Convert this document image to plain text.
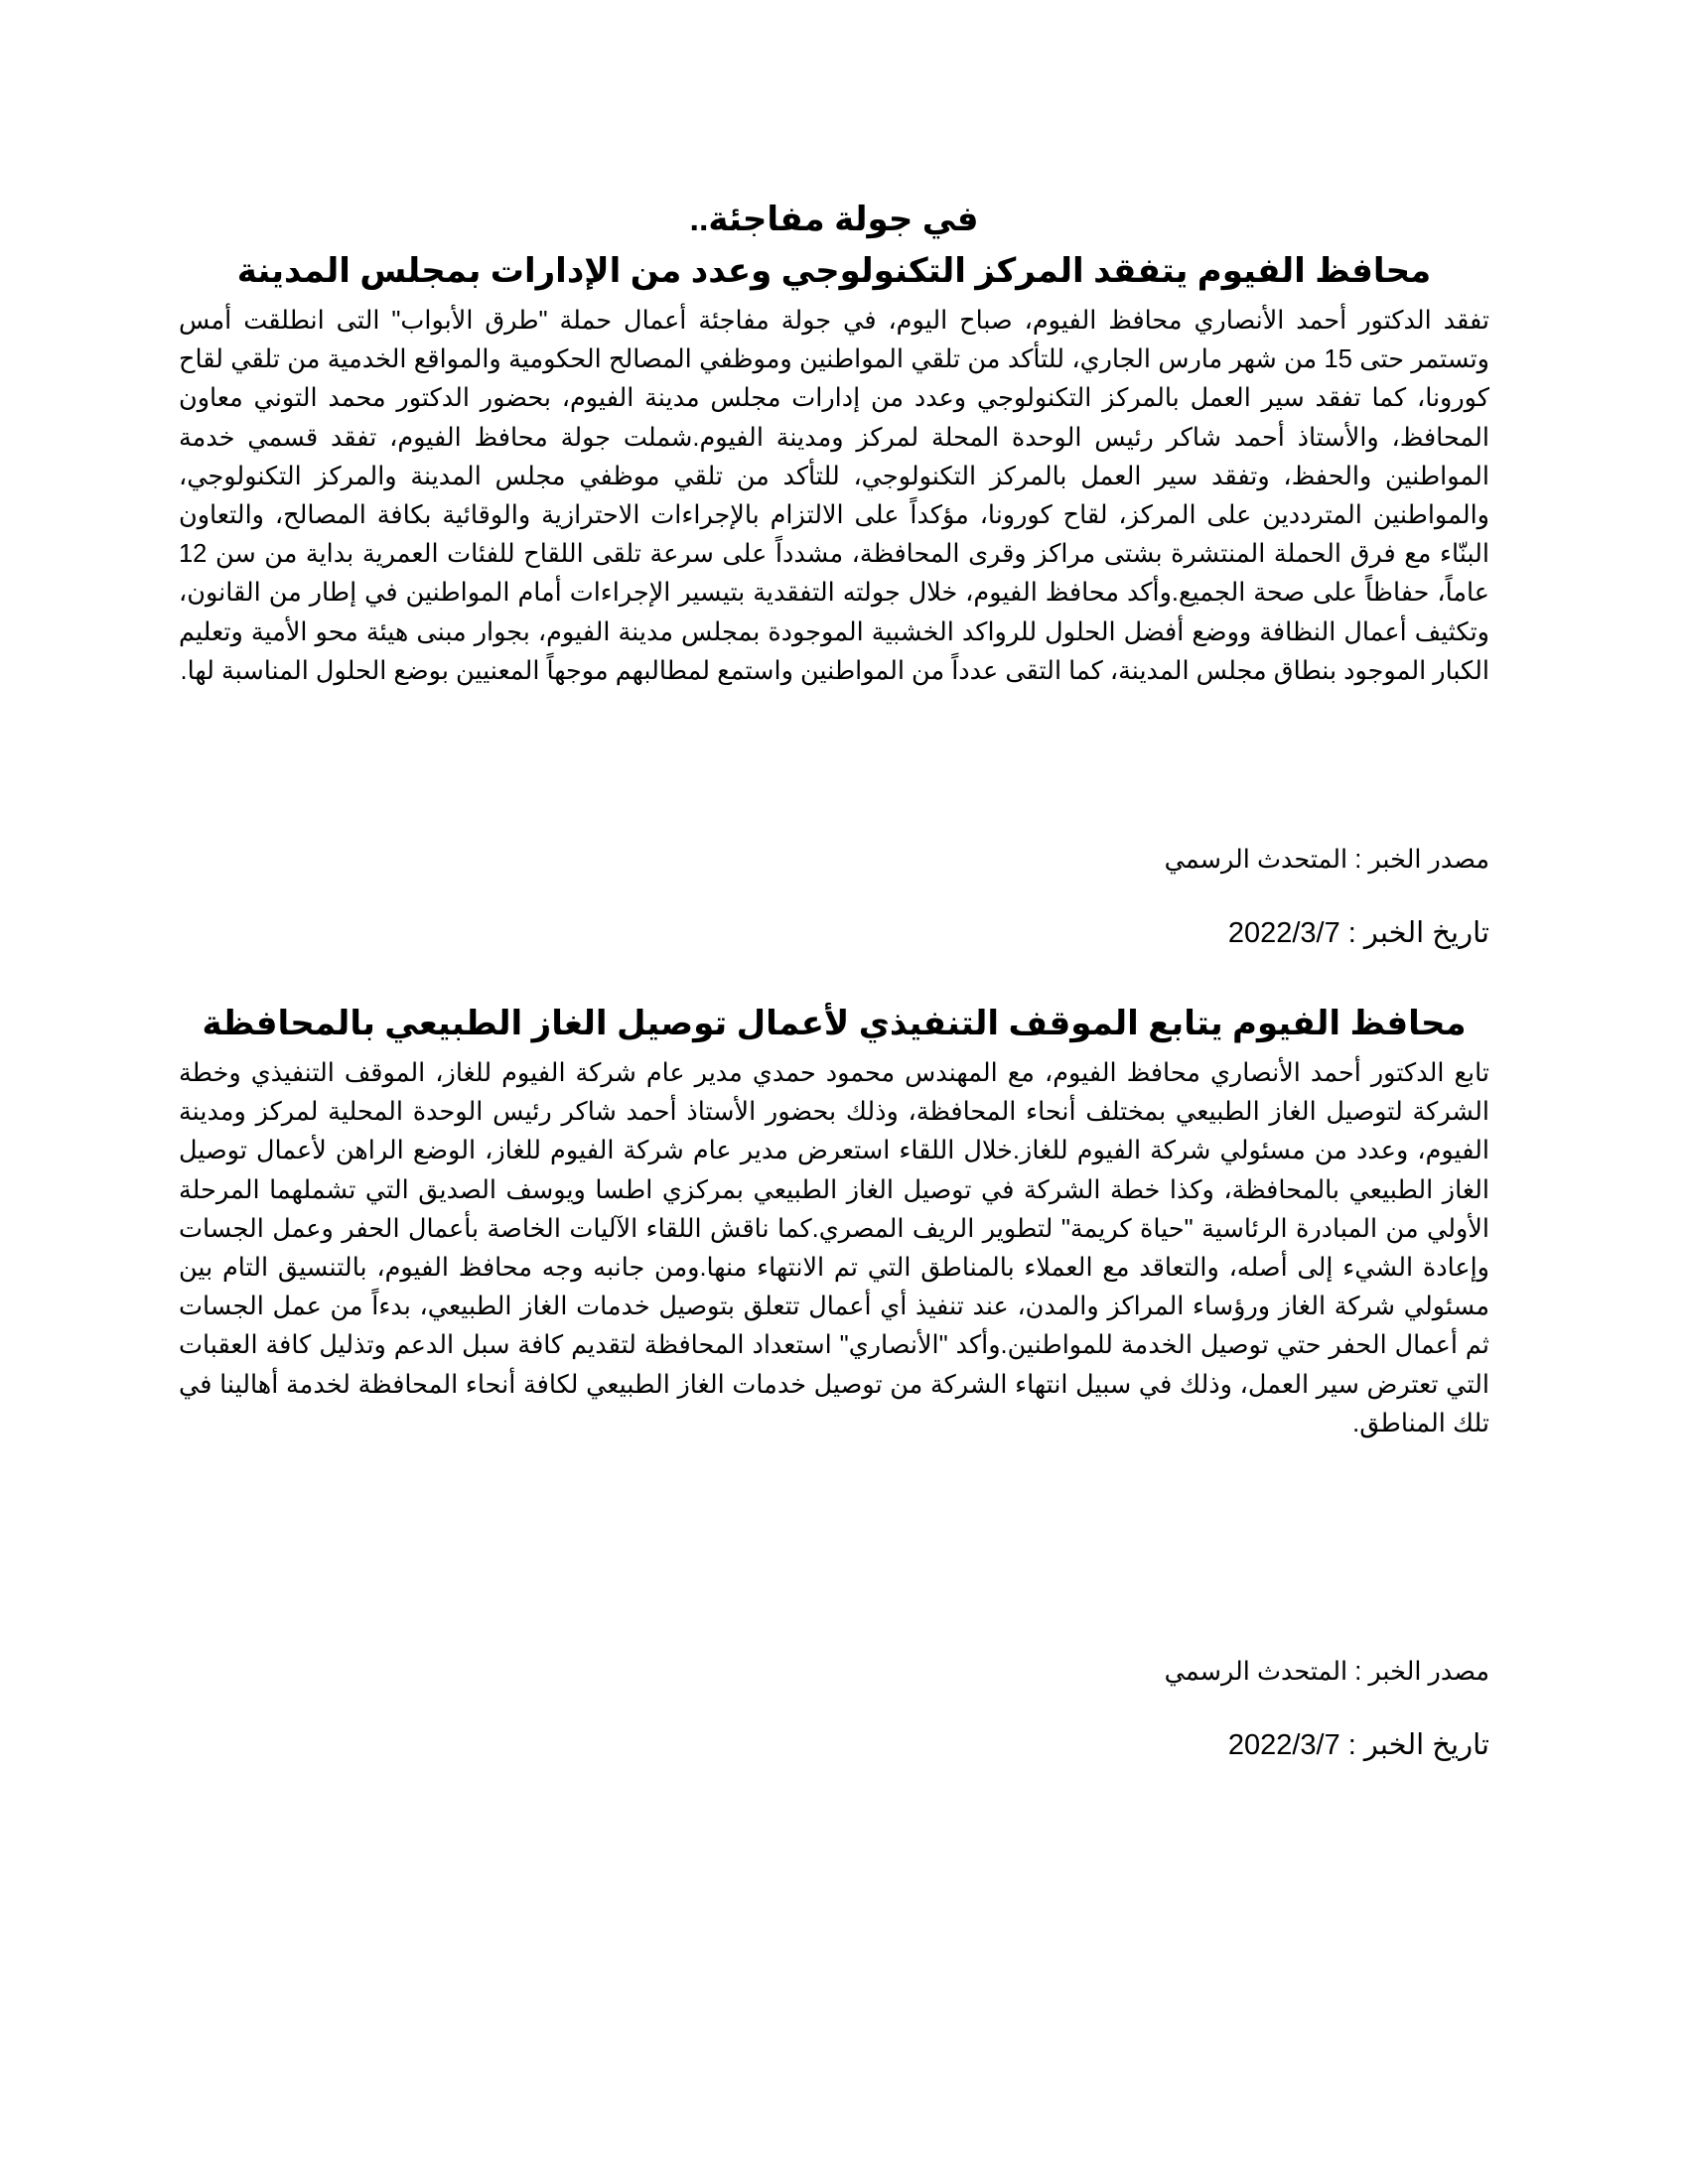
في جولة مفاجئة..
محافظ الفيوم يتفقد المركز التكنولوجي وعدد من الإدارات بمجلس المدينة

تفقد الدكتور أحمد الأنصاري محافظ الفيوم، صباح اليوم، في جولة مفاجئة أعمال حملة "طرق الأبواب" التى انطلقت أمس وتستمر حتى 15 من شهر مارس الجاري، للتأكد من تلقي المواطنين وموظفي المصالح الحكومية والمواقع الخدمية من تلقي لقاح كورونا، كما تفقد سير العمل بالمركز التكنولوجي وعدد من إدارات مجلس مدينة الفيوم، بحضور الدكتور محمد التوني معاون المحافظ، والأستاذ أحمد شاكر رئيس الوحدة المحلة لمركز ومدينة الفيوم.شملت جولة محافظ الفيوم، تفقد قسمي خدمة المواطنين والحفظ، وتفقد سير العمل بالمركز التكنولوجي، للتأكد من تلقي موظفي مجلس المدينة والمركز التكنولوجي، والمواطنين المترددين على المركز، لقاح كورونا، مؤكداً على الالتزام بالإجراءات الاحترازية والوقائية بكافة المصالح، والتعاون البنّاء مع فرق الحملة المنتشرة بشتى مراكز وقرى المحافظة، مشدداً على سرعة تلقى اللقاح للفئات العمرية بداية من سن 12 عاماً، حفاظاً على صحة الجميع.وأكد محافظ الفيوم، خلال جولته التفقدية بتيسير الإجراءات أمام المواطنين في إطار من القانون، وتكثيف أعمال النظافة ووضع أفضل الحلول للرواكد الخشبية الموجودة بمجلس مدينة الفيوم، بجوار مبنى هيئة محو الأمية وتعليم الكبار الموجود بنطاق مجلس المدينة، كما التقى عدداً من المواطنين واستمع لمطالبهم موجهاً المعنيين بوضع الحلول المناسبة لها.

مصدر الخبر : المتحدث الرسمي

تاريخ الخبر : 2022/3/7

محافظ الفيوم يتابع الموقف التنفيذي لأعمال توصيل الغاز الطبيعي بالمحافظة

تابع الدكتور أحمد الأنصاري محافظ الفيوم، مع المهندس محمود حمدي مدير عام شركة الفيوم للغاز، الموقف التنفيذي وخطة الشركة لتوصيل الغاز الطبيعي بمختلف أنحاء المحافظة، وذلك بحضور الأستاذ أحمد شاكر رئيس الوحدة المحلية لمركز ومدينة الفيوم، وعدد من مسئولي شركة الفيوم للغاز.خلال اللقاء استعرض مدير عام شركة الفيوم للغاز، الوضع الراهن لأعمال توصيل الغاز الطبيعي بالمحافظة، وكذا خطة الشركة في توصيل الغاز الطبيعي بمركزي اطسا ويوسف الصديق التي تشملهما المرحلة الأولي من المبادرة الرئاسية "حياة كريمة" لتطوير الريف المصري.كما ناقش اللقاء الآليات الخاصة بأعمال الحفر وعمل الجسات وإعادة الشيء إلى أصله، والتعاقد مع العملاء بالمناطق التي تم الانتهاء منها.ومن جانبه وجه محافظ الفيوم، بالتنسيق التام بين مسئولي شركة الغاز ورؤساء المراكز والمدن، عند تنفيذ أي أعمال تتعلق بتوصيل خدمات الغاز الطبيعي، بدءاً من عمل الجسات ثم أعمال الحفر حتي توصيل الخدمة للمواطنين.وأكد "الأنصاري" استعداد المحافظة لتقديم كافة سبل الدعم وتذليل كافة العقبات التي تعترض سير العمل، وذلك في سبيل انتهاء الشركة من توصيل خدمات الغاز الطبيعي لكافة أنحاء المحافظة لخدمة أهالينا في تلك المناطق.

مصدر الخبر : المتحدث الرسمي

تاريخ الخبر : 2022/3/7
